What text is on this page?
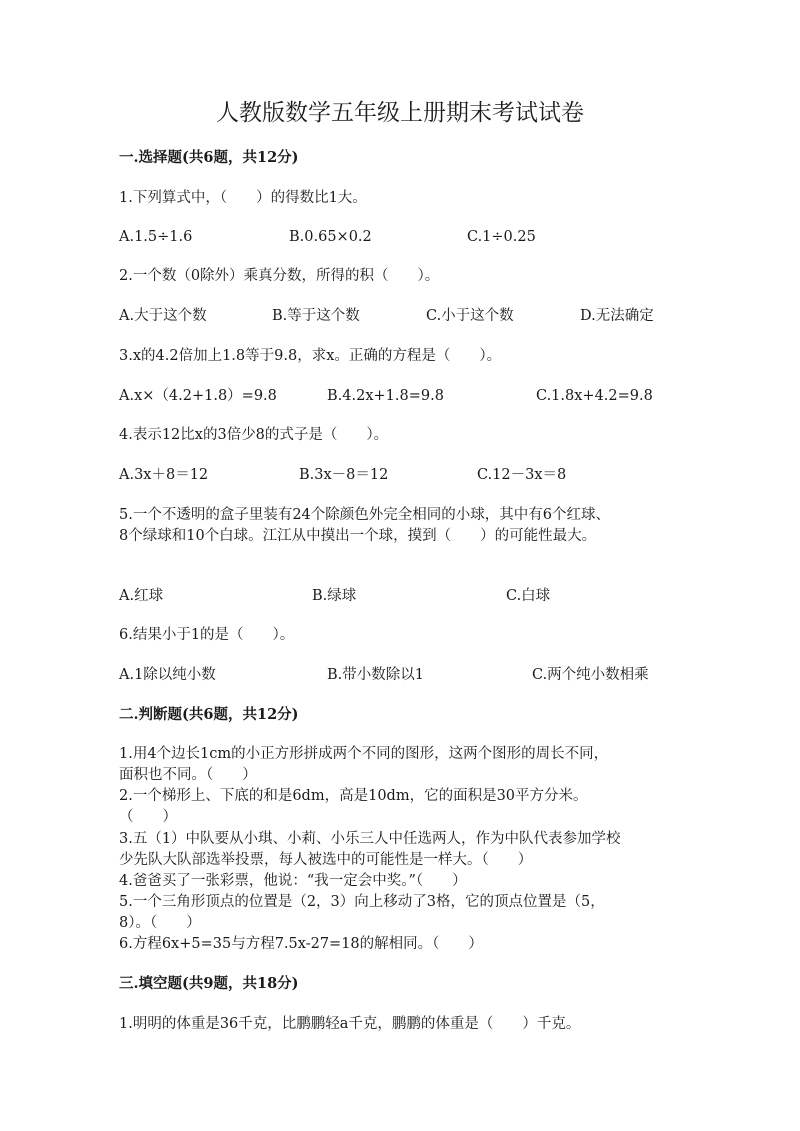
人教版数学五年级上册期末考试试卷
一.选择题(共6题，共12分)
1.下列算式中，（　　）的得数比1大。
A.1.5÷1.6	B.0.65×0.2	C.1÷0.25
2.一个数（0除外）乘真分数，所得的积（　　）。
A.大于这个数	B.等于这个数	C.小于这个数	D.无法确定
3.x的4.2倍加上1.8等于9.8，求x。正确的方程是（　　）。
A.x×（4.2+1.8）=9.8	B.4.2x+1.8=9.8	C.1.8x+4.2=9.8
4.表示12比x的3倍少8的式子是（　　）。
A.3x＋8＝12	B.3x－8＝12	C.12－3x＝8
5.一个不透明的盒子里装有24个除颜色外完全相同的小球，其中有6个红球、
8个绿球和10个白球。江江从中摸出一个球，摸到（　　）的可能性最大。
A.红球	B.绿球	C.白球
6.结果小于1的是（　　）。
A.1除以纯小数	B.带小数除以1	C.两个纯小数相乘
二.判断题(共6题，共12分)
1.用4个边长1cm的小正方形拼成两个不同的图形，这两个图形的周长不同，
面积也不同。（　　）
2.一个梯形上、下底的和是6dm，高是10dm，它的面积是30平方分米。
（　　）
3.五（1）中队要从小琪、小莉、小乐三人中任选两人，作为中队代表参加学校
少先队大队部选举投票，每人被选中的可能性是一样大。（　　）
4.爸爸买了一张彩票，他说：“我一定会中奖。”（　　）
5.一个三角形顶点的位置是（2，3）向上移动了3格，它的顶点位置是（5，
8）。（　　）
6.方程6x+5=35与方程7.5x-27=18的解相同。（　　）
三.填空题(共9题，共18分)
1.明明的体重是36千克，比鹏鹏轻a千克，鹏鹏的体重是（　　）千克。
